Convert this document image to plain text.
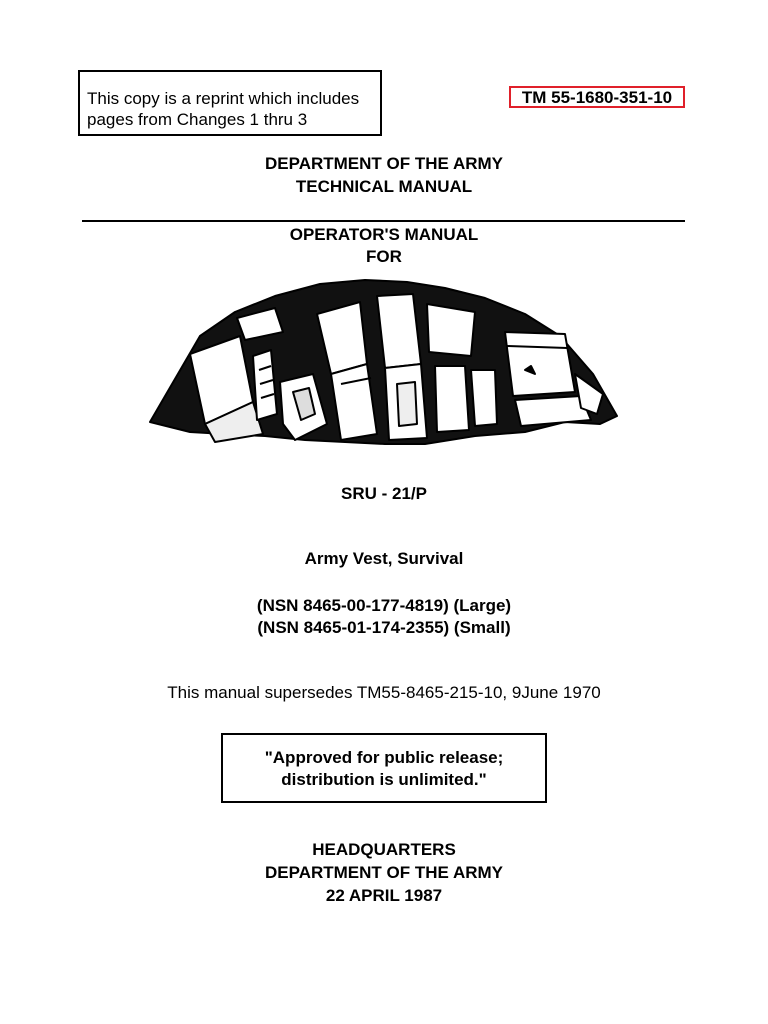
This copy is a reprint which includes
pages from Changes 1 thru 3
TM 55-1680-351-10
DEPARTMENT OF THE ARMY
TECHNICAL MANUAL
OPERATOR'S MANUAL
FOR
SRU - 21/P
Army Vest, Survival
(NSN 8465-00-177-4819) (Large)
(NSN 8465-01-174-2355) (Small)
This manual supersedes TM55-8465-215-10, 9June 1970
"Approved for public release;
distribution is unlimited."
HEADQUARTERS
DEPARTMENT OF THE ARMY
22 APRIL 1987
